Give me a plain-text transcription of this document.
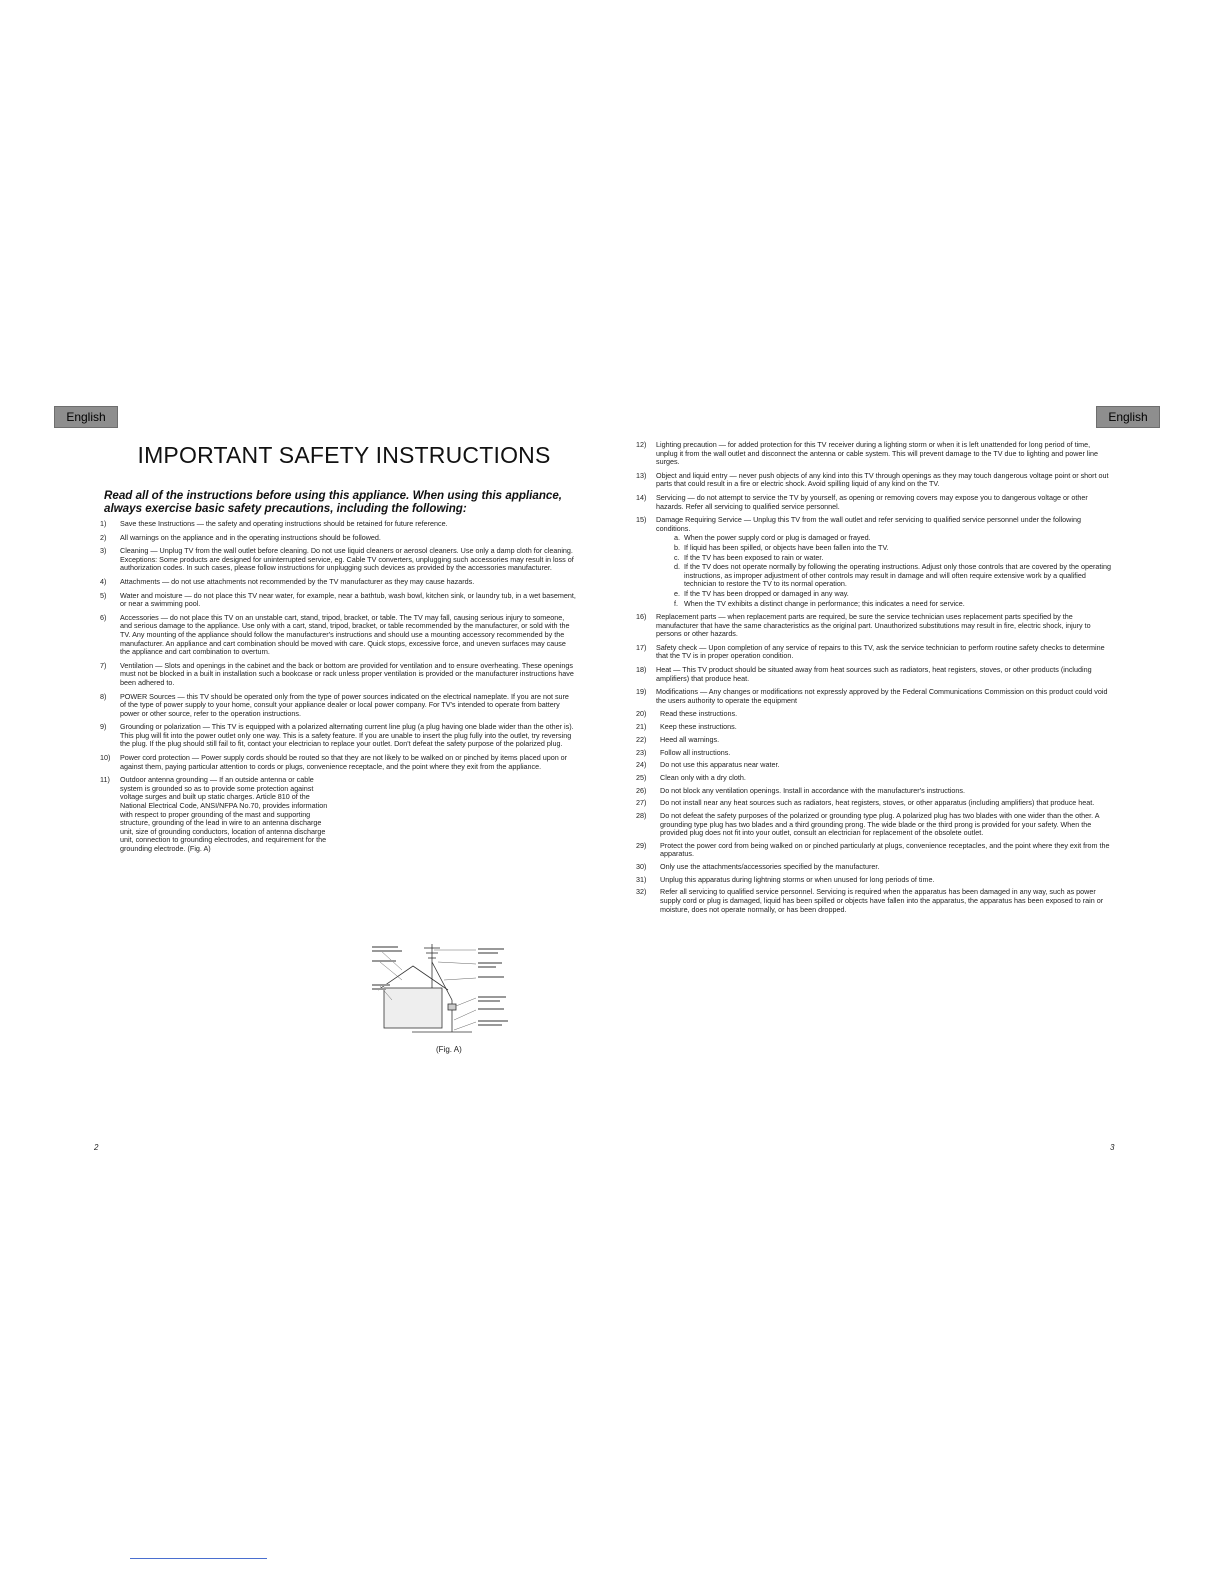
English
IMPORTANT SAFETY INSTRUCTIONS
Read all of the instructions before using this appliance. When using this appliance, always exercise basic safety precautions, including the following:
1)	Save these Instructions — the safety and operating instructions should be retained for future reference.
2)	All warnings on the appliance and in the operating instructions should be followed.
3)	Cleaning — Unplug TV from the wall outlet before cleaning. Do not use liquid cleaners or aerosol cleaners. Use only a damp cloth for cleaning. Exceptions: Some products are designed for uninterrupted service, eg. Cable TV converters, unplugging such accessories may result in loss of authorization codes. In such cases, please follow instructions for unplugging such devices as provided by the accessories manufacturer.
4)	Attachments — do not use attachments not recommended by the TV manufacturer as they may cause hazards.
5)	Water and moisture — do not place this TV near water, for example, near a bathtub, wash bowl, kitchen sink, or laundry tub, in a wet basement, or near a swimming pool.
6)	Accessories — do not place this TV on an unstable cart, stand, tripod, bracket, or table. The TV may fall, causing serious injury to someone, and serious damage to the appliance. Use only with a cart, stand, tripod, bracket, or table recommended by the manufacturer, or sold with the TV. Any mounting of the appliance should follow the manufacturer's instructions and should use a mounting accessory recommended by the manufacturer. An appliance and cart combination should be moved with care. Quick stops, excessive force, and uneven surfaces may cause the appliance and cart combination to overturn.
7)	Ventilation — Slots and openings in the cabinet and the back or bottom are provided for ventilation and to ensure overheating. These openings must not be blocked in a built in installation such a bookcase or rack unless proper ventilation is provided or the manufacturer instructions have been adhered to.
8)	POWER Sources — this TV should be operated only from the type of power sources indicated on the electrical nameplate. If you are not sure of the type of power supply to your home, consult your appliance dealer or local power company. For TV's intended to operate from battery power or other source, refer to the operation instructions.
9)	Grounding or polarization — This TV is equipped with a polarized alternating current line plug (a plug having one blade wider than the other is). This plug will fit into the power outlet only one way. This is a safety feature. If you are unable to insert the plug fully into the outlet, try reversing the plug. If the plug should still fail to fit, contact your electrician to replace your outlet. Don't defeat the safety purpose of the polarized plug.
10)	Power cord protection — Power supply cords should be routed so that they are not likely to be walked on or pinched by items placed upon or against them, paying particular attention to cords or plugs, convenience receptacle, and the point where they exit from the appliance.
11)	Outdoor antenna grounding — If an outside antenna or cable system is grounded so as to provide some protection against voltage surges and built up static charges. Article 810 of the National Electrical Code, ANSI/NFPA No.70, provides information with respect to proper grounding of the mast and supporting structure, grounding of the lead in wire to an antenna discharge unit, size of grounding conductors, location of antenna discharge unit, connection to grounding electrodes, and requirement for the grounding electrode. (Fig. A)
(Fig. A)
2
English
12)	Lighting precaution — for added protection for this TV receiver during a lighting storm or when it is left unattended for long period of time, unplug it from the wall outlet and disconnect the antenna or cable system. This will prevent damage to the TV due to lighting and power line surges.
13)	Object and liquid entry — never push objects of any kind into this TV through openings as they may touch dangerous voltage point or short out parts that could result in a fire or electric shock. Avoid spilling liquid of any kind on the TV.
14)	Servicing — do not attempt to service the TV by yourself, as opening or removing covers may expose you to dangerous voltage or other hazards. Refer all servicing to qualified service personnel.
15)	Damage Requiring Service — Unplug this TV from the wall outlet and refer servicing to qualified service personnel under the following conditions.
a. When the power supply cord or plug is damaged or frayed.
b. If liquid has been spilled, or objects have been fallen into the TV.
c. If the TV has been exposed to rain or water.
d. If the TV does not operate normally by following the operating instructions. Adjust only those controls that are covered by the operating instructions, as improper adjustment of other controls may result in damage and will often require extensive work by a qualified technician to restore the TV to its normal operation.
e. If the TV has been dropped or damaged in any way.
f. When the TV exhibits a distinct change in performance; this indicates a need for service.
16)	Replacement parts — when replacement parts are required, be sure the service technician uses replacement parts specified by the manufacturer that have the same characteristics as the original part. Unauthorized substitutions may result in fire, electric shock, injury to persons or other hazards.
17)	Safety check — Upon completion of any service of repairs to this TV, ask the service technician to perform routine safety checks to determine that the TV is in proper operation condition.
18)	Heat — This TV product should be situated away from heat sources such as radiators, heat registers, stoves, or other products (including amplifiers) that produce heat.
19)	Modifications — Any changes or modifications not expressly approved by the Federal Communications Commission on this product could void the users authority to operate the equipment
20) Read these instructions.
21) Keep these instructions.
22) Heed all warnings.
23) Follow all instructions.
24) Do not use this apparatus near water.
25) Clean only with a dry cloth.
26) Do not block any ventilation openings. Install in accordance with the manufacturer's instructions.
27) Do not install near any heat sources such as radiators, heat registers, stoves, or other apparatus (including amplifiers) that produce heat.
28) Do not defeat the safety purposes of the polarized or grounding type plug. A polarized plug has two blades with one wider than the other. A grounding type plug has two blades and a third grounding prong. The wide blade or the third prong is provided for your safety. When the provided plug does not fit into your outlet, consult an electrician for replacement of the obsolete outlet.
29) Protect the power cord from being walked on or pinched particularly at plugs, convenience receptacles, and the point where they exit from the apparatus.
30) Only use the attachments/accessories specified by the manufacturer.
31) Unplug this apparatus during lightning storms or when unused for long periods of time.
32) Refer all servicing to qualified service personnel. Servicing is required when the apparatus has been damaged in any way, such as power supply cord or plug is damaged, liquid has been spilled or objects have fallen into the apparatus, the apparatus has been exposed to rain or moisture, does not operate normally, or has been dropped.
3
